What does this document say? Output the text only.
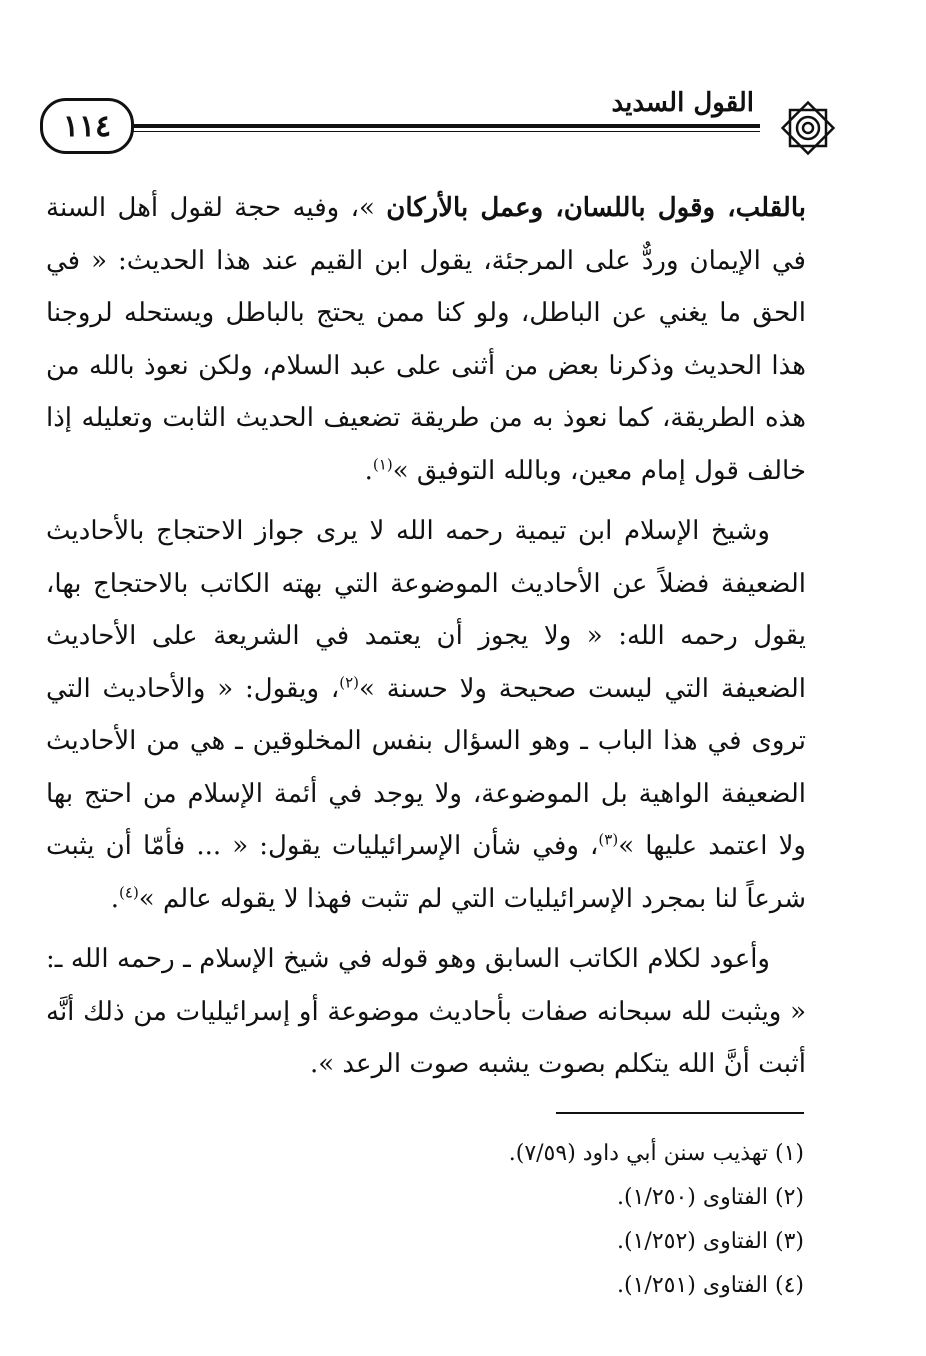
١١٤
القول السديد

بالقلب، وقول باللسان، وعمل بالأركان »، وفيه حجة لقول أهل السنة في الإيمان وردٌّ على المرجئة، يقول ابن القيم عند هذا الحديث: « في الحق ما يغني عن الباطل، ولو كنا ممن يحتج بالباطل ويستحله لروجنا هذا الحديث وذكرنا بعض من أثنى على عبد السلام، ولكن نعوذ بالله من هذه الطريقة، كما نعوذ به من طريقة تضعيف الحديث الثابت وتعليله إذا خالف قول إمام معين، وبالله التوفيق »$^{(١)}$.

وشيخ الإسلام ابن تيمية رحمه الله لا يرى جواز الاحتجاج بالأحاديث الضعيفة فضلاً عن الأحاديث الموضوعة التي بهته الكاتب بالاحتجاج بها، يقول رحمه الله: « ولا يجوز أن يعتمد في الشريعة على الأحاديث الضعيفة التي ليست صحيحة ولا حسنة »$^{(٢)}$، ويقول: « والأحاديث التي تروى في هذا الباب ـ وهو السؤال بنفس المخلوقين ـ هي من الأحاديث الضعيفة الواهية بل الموضوعة، ولا يوجد في أئمة الإسلام من احتج بها ولا اعتمد عليها »$^{(٣)}$، وفي شأن الإسرائيليات يقول: « ... فأمّا أن يثبت شرعاً لنا بمجرد الإسرائيليات التي لم تثبت فهذا لا يقوله عالم »$^{(٤)}$.

وأعود لكلام الكاتب السابق وهو قوله في شيخ الإسلام ـ رحمه الله ـ: « ويثبت لله سبحانه صفات بأحاديث موضوعة أو إسرائيليات من ذلك أنَّه أثبت أنَّ الله يتكلم بصوت يشبه صوت الرعد ».

(١) تهذيب سنن أبي داود (٧/٥٩).
(٢) الفتاوى (١/٢٥٠).
(٣) الفتاوى (١/٢٥٢).
(٤) الفتاوى (١/٢٥١).
